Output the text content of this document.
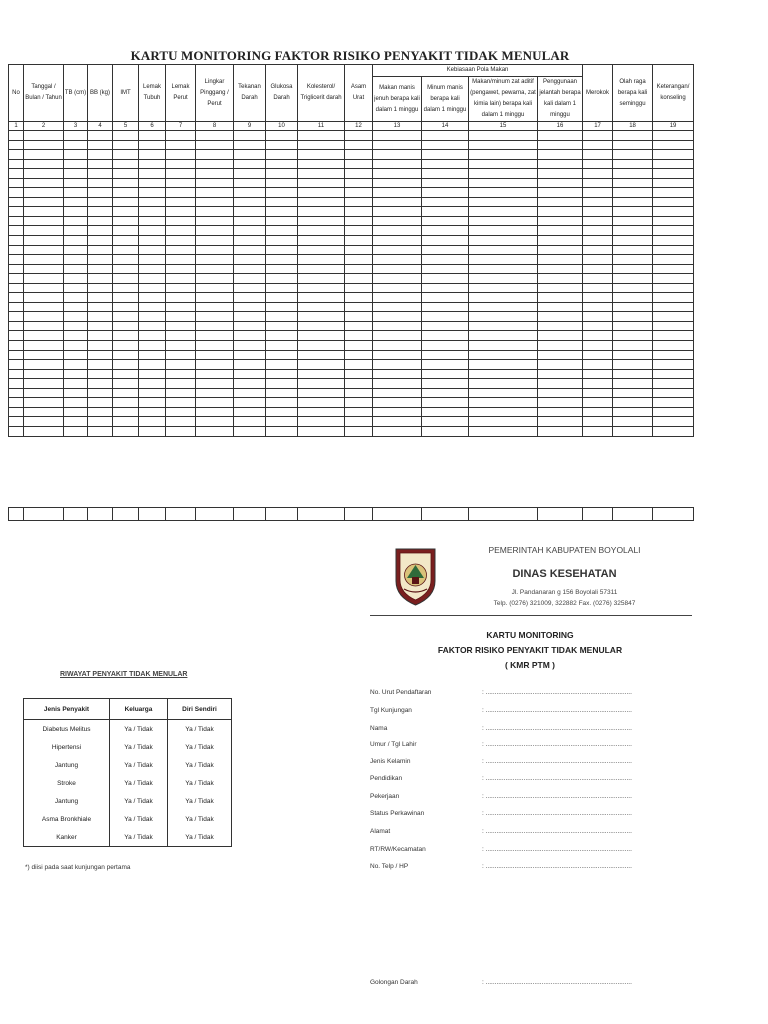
KARTU MONITORING FAKTOR RISIKO PENYAKIT TIDAK MENULAR
No	Tanggal / Bulan / Tahun	TB (cm)	BB (kg)	IMT	Lemak Tubuh	Lemak Perut	Lingkar Pinggang / Perut	Tekanan Darah	Glukosa Darah	Kolesterol/ Triglicerit darah	Asam Urat	Kebiasaan Pola Makan				Merokok	Olah raga berapa kali seminggu	Keterangan/ konseling
												Makan manis jenuh berapa kali dalam 1 minggu	Minum manis berapa kali dalam 1 minggu	Makan/minum zat aditif (pengawet, pewarna, zat kimia lain) berapa kali dalam 1 minggu	Penggunaan jelantah berapa kali dalam 1 minggu			

1	2	3	4	5	6	7	8	9	10	11	12	13	14	15	16	17	18	19

PEMERINTAH KABUPATEN BOYOLALI
DINAS KESEHATAN
Jl. Pandanaran g 156 Boyolali 57311
Telp. (0276) 321009, 322882 Fax. (0276) 325847
KARTU MONITORING
FAKTOR RISIKO PENYAKIT TIDAK MENULAR
( KMR PTM )
No. Urut Pendaftaran	: .................................................................................
Tgl Kunjungan	: .................................................................................
Nama	: .................................................................................
Umur / Tgl Lahir	: .................................................................................
Jenis Kelamin	: .................................................................................
Pendidikan	: .................................................................................
Pekerjaan	: .................................................................................
Status Perkawinan	: .................................................................................
Alamat	: .................................................................................
RT/RW/Kecamatan	: .................................................................................
No. Telp / HP	: .................................................................................
Golongan Darah	: .................................................................................
RIWAYAT PENYAKIT TIDAK MENULAR
Jenis Penyakit	Keluarga	Diri Sendiri
Diabetus Melitus	Ya / Tidak	Ya / Tidak
Hipertensi	Ya / Tidak	Ya / Tidak
Jantung	Ya / Tidak	Ya / Tidak
Stroke	Ya / Tidak	Ya / Tidak
Jantung	Ya / Tidak	Ya / Tidak
Asma Bronkhiale	Ya / Tidak	Ya / Tidak
Kanker	Ya / Tidak	Ya / Tidak
*) diisi pada saat kunjungan pertama
